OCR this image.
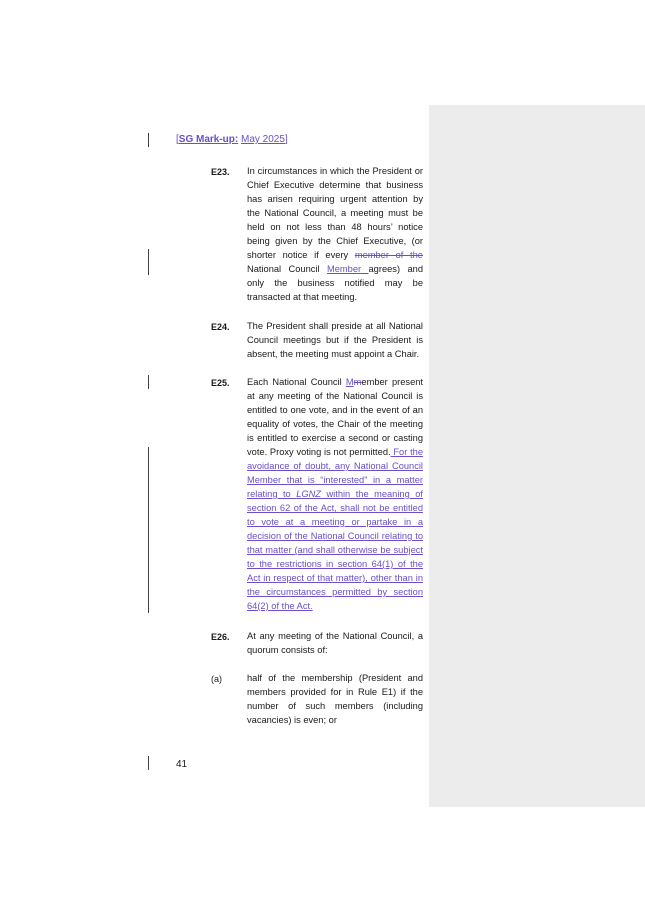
[SG Mark-up: May 2025]
E23. In circumstances in which the President or Chief Executive determine that business has arisen requiring urgent attention by the National Council, a meeting must be held on not less than 48 hours’ notice being given by the Chief Executive, (or shorter notice if every member of the National Council Member agrees) and only the business notified may be transacted at that meeting.
E24. The President shall preside at all National Council meetings but if the President is absent, the meeting must appoint a Chair.
E25. Each National Council Mmember present at any meeting of the National Council is entitled to one vote, and in the event of an equality of votes, the Chair of the meeting is entitled to exercise a second or casting vote. Proxy voting is not permitted. For the avoidance of doubt, any National Council Member that is “interested” in a matter relating to LGNZ within the meaning of section 62 of the Act, shall not be entitled to vote at a meeting or partake in a decision of the National Council relating to that matter (and shall otherwise be subject to the restrictions in section 64(1) of the Act in respect of that matter), other than in the circumstances permitted by section 64(2) of the Act.
E26. At any meeting of the National Council, a quorum consists of:
(a)	half of the membership (President and members provided for in Rule E1) if the number of such members (including vacancies) is even; or
41
